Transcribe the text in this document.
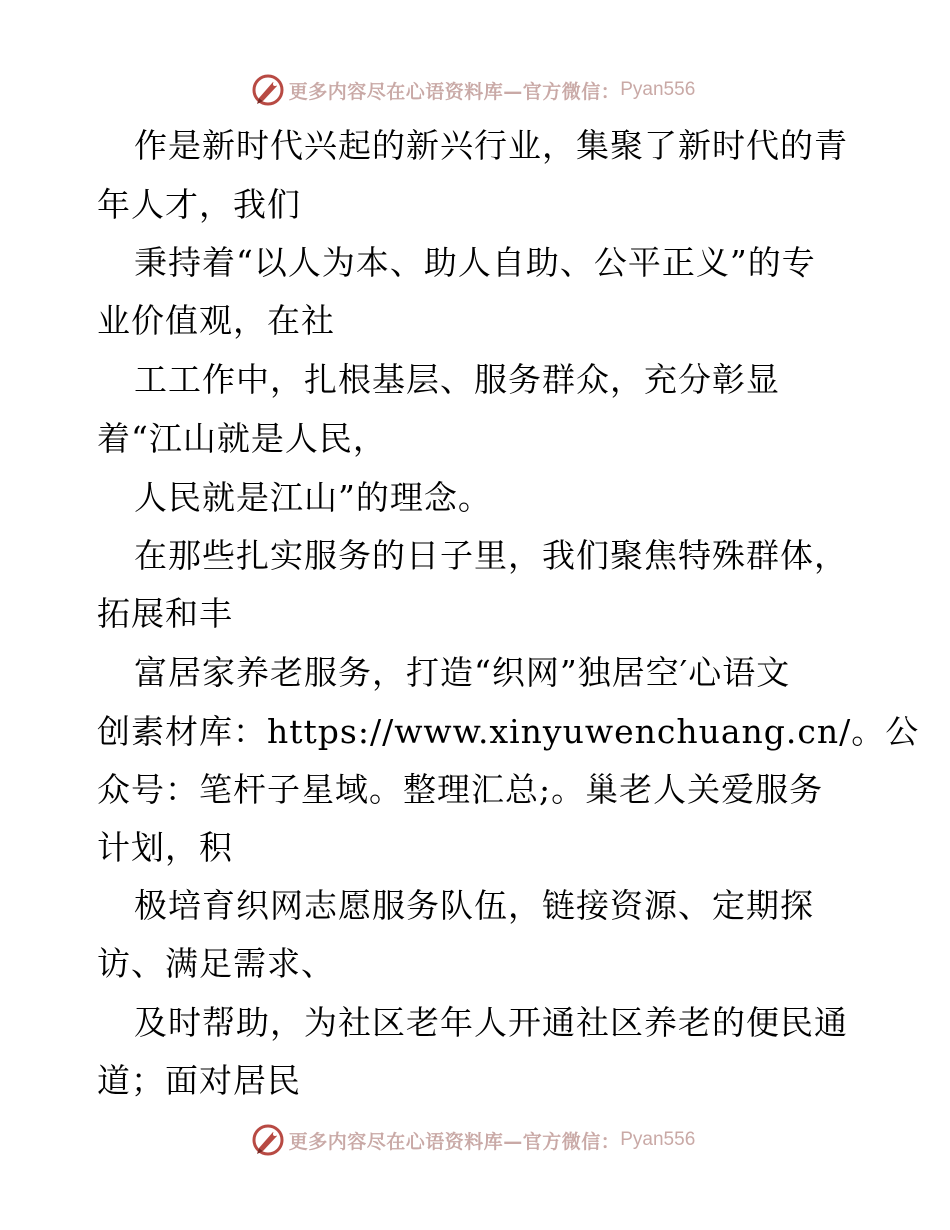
更多内容尽在心语资料库—官方微信： Pyan556
作是新时代兴起的新兴行业，集聚了新时代的青
年人才，我们
秉持着“以人为本、助人自助、公平正义”的专
业价值观，在社
工工作中，扎根基层、服务群众，充分彰显
着“江山就是人民，
人民就是江山”的理念。
在那些扎实服务的日子里，我们聚焦特殊群体，
拓展和丰
富居家养老服务，打造“织网”独居空′心语文
创素材库：https://www.xinyuwenchuang.cn/。公
众号：笔杆子星域。整理汇总;。巢老人关爱服务
计划，积
极培育织网志愿服务队伍，链接资源、定期探
访、满足需求、
及时帮助，为社区老年人开通社区养老的便民通
道；面对居民
更多内容尽在心语资料库—官方微信： Pyan556
